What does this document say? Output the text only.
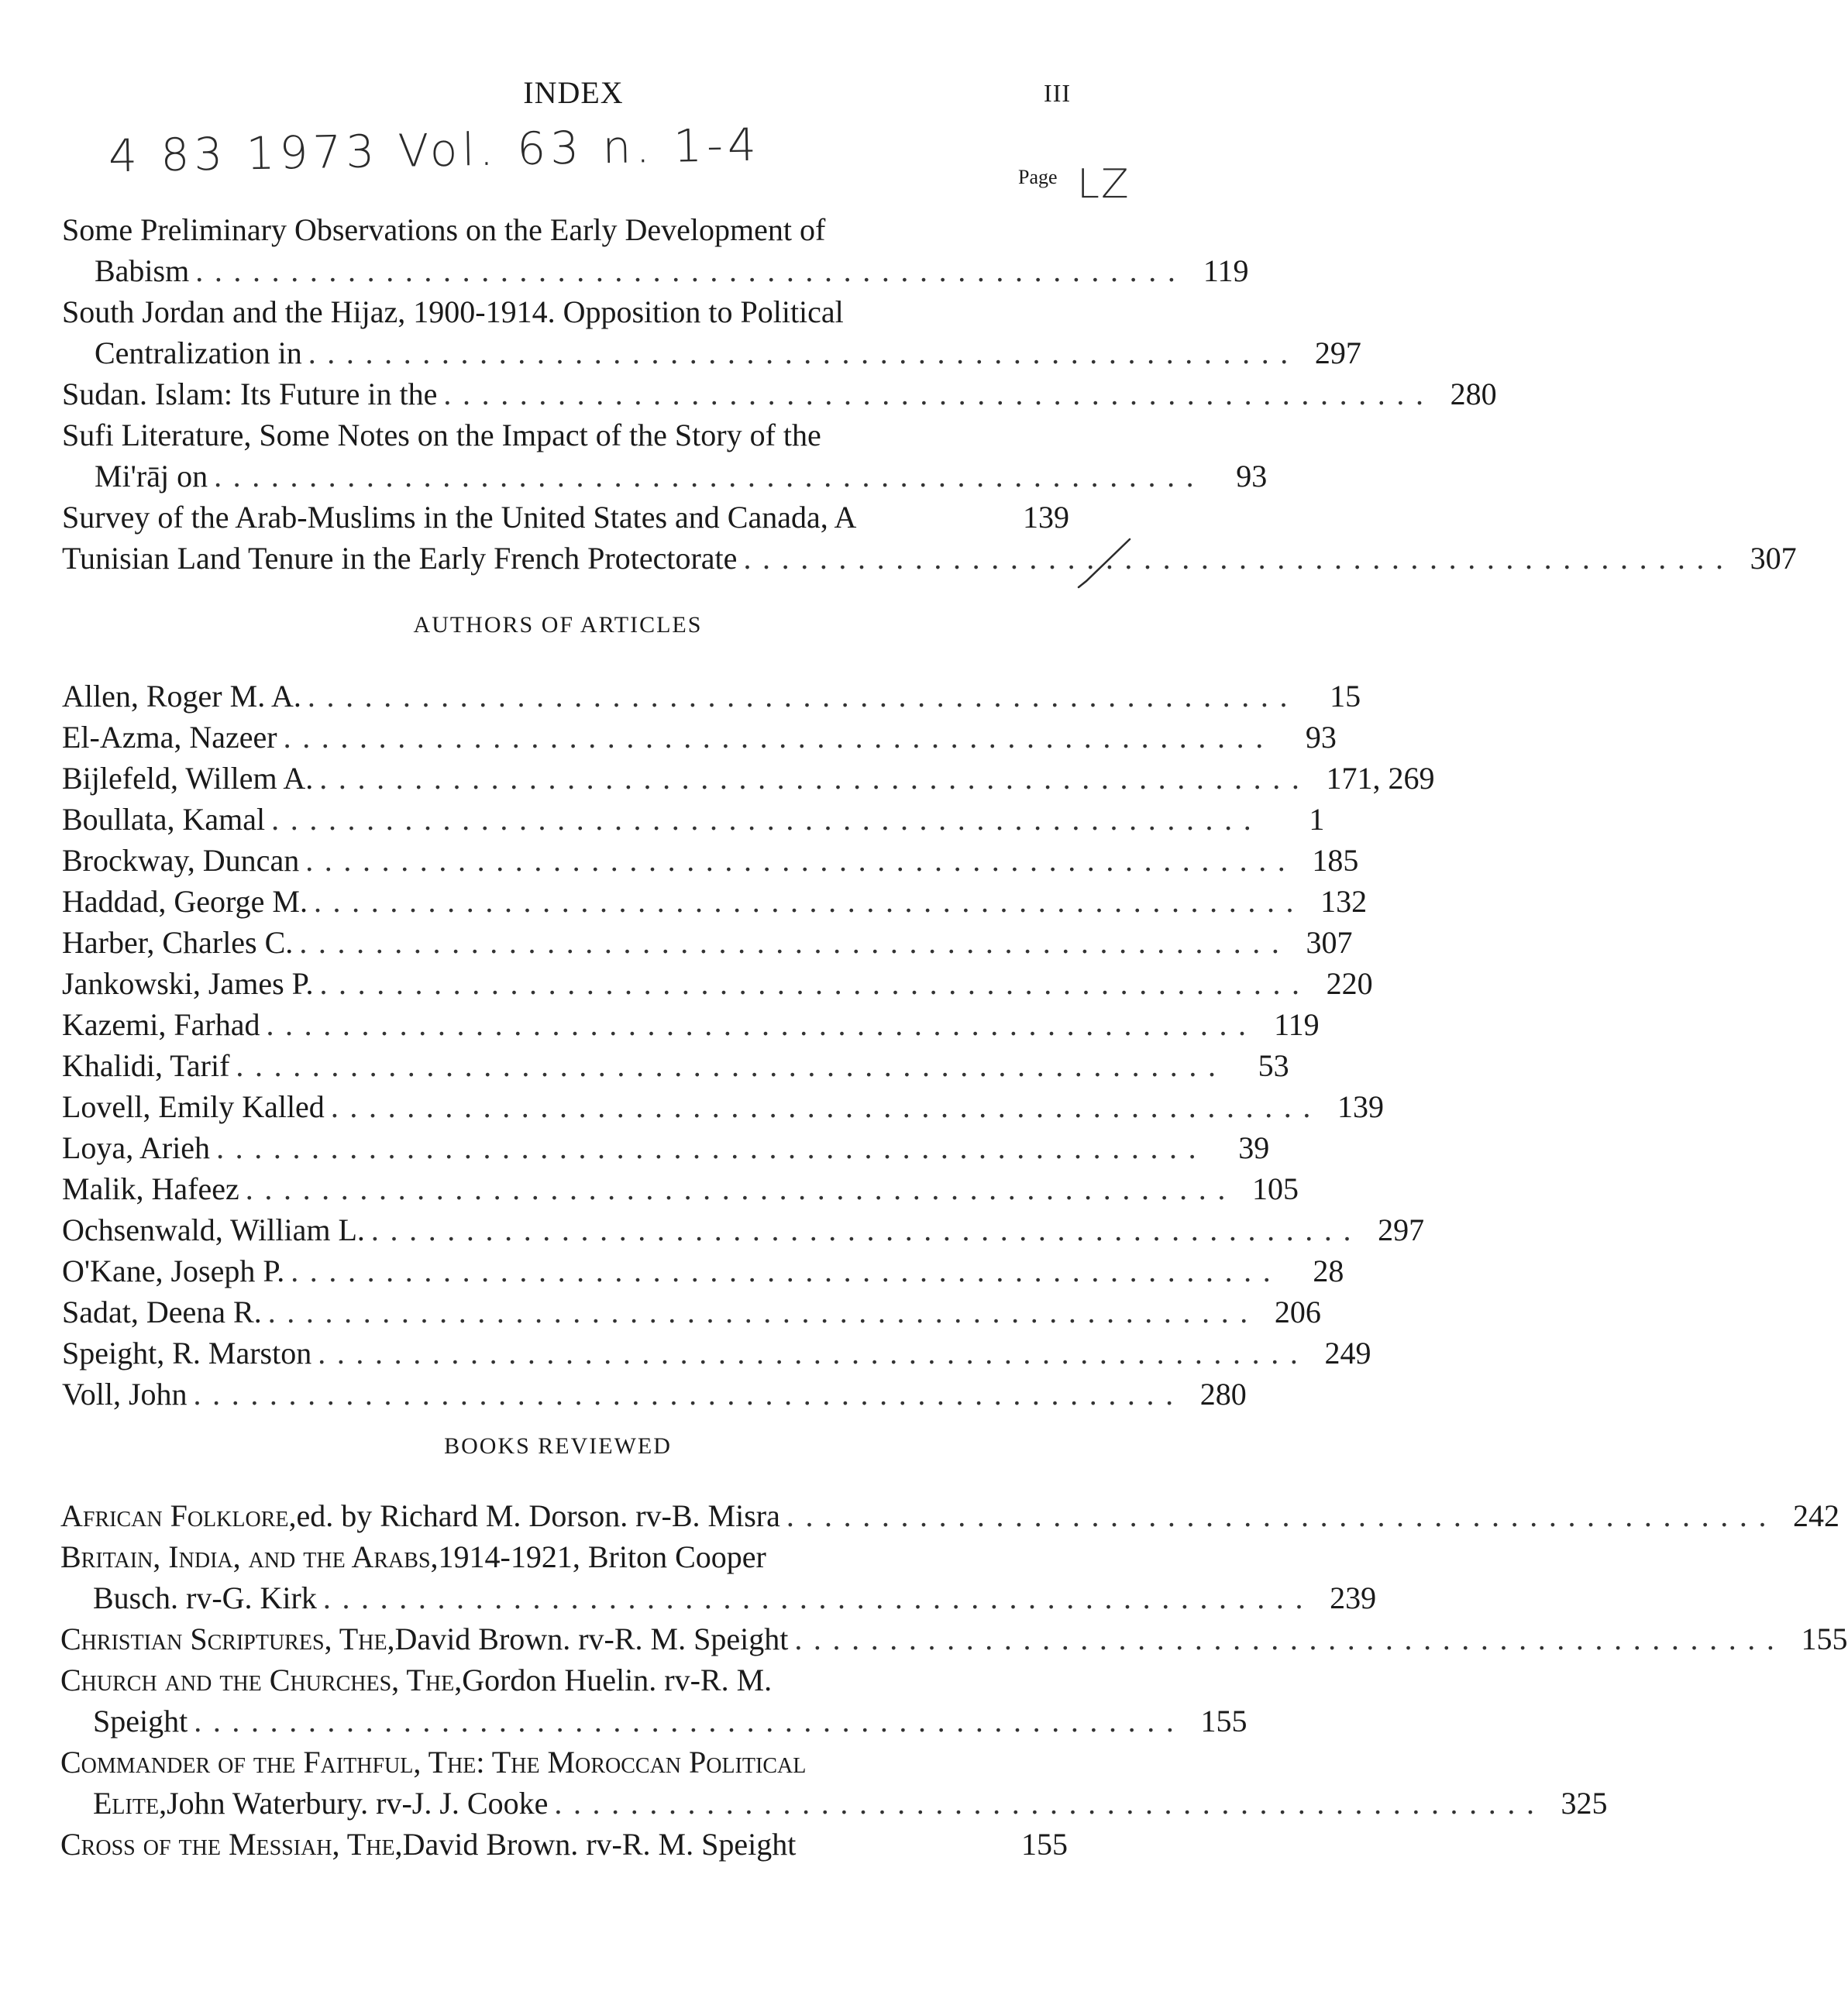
INDEX	III
4 83 1973 Vol. 63 n. 1-4	Page LZ
Some Preliminary Observations on the Early Development of
Babism .................................................... 119
South Jordan and the Hijaz, 1900-1914. Opposition to Political
Centralization in .................................................... 297
Sudan. Islam: Its Future in the .................................................... 280
Sufi Literature, Some Notes on the Impact of the Story of the
Mi'rāj on ....................................................	93
Survey of the Arab-Muslims in the United States and Canada, A	139
Tunisian Land Tenure in the Early French Protectorate .................................................... 307
AUTHORS OF ARTICLES
Allen, Roger M. A. ....................................................	15
El-Azma, Nazeer ....................................................	93
Bijlefeld, Willem A. .................................................... 171, 269
Boullata, Kamal ....................................................	1
Brockway, Duncan .................................................... 185
Haddad, George M. .................................................... 132
Harber, Charles C. .................................................... 307
Jankowski, James P. .................................................... 220
Kazemi, Farhad .................................................... 119
Khalidi, Tarif ....................................................	53
Lovell, Emily Kalled .................................................... 139
Loya, Arieh ....................................................	39
Malik, Hafeez .................................................... 105
Ochsenwald, William L. .................................................... 297
O'Kane, Joseph P. ....................................................	28
Sadat, Deena R. .................................................... 206
Speight, R. Marston .................................................... 249
Voll, John .................................................... 280
BOOKS REVIEWED
African Folklore, ed. by Richard M. Dorson. rv-B. Misra .................................................... 242
Britain, India, and the Arabs, 1914-1921, Briton Cooper
Busch. rv-G. Kirk .................................................... 239
Christian Scriptures, The, David Brown. rv-R. M. Speight .................................................... 155
Church and the Churches, The, Gordon Huelin. rv-R. M.
Speight .................................................... 155
Commander of the Faithful, The: The Moroccan Political
Elite, John Waterbury. rv-J. J. Cooke .................................................... 325
Cross of the Messiah, The, David Brown. rv-R. M. Speight	155
